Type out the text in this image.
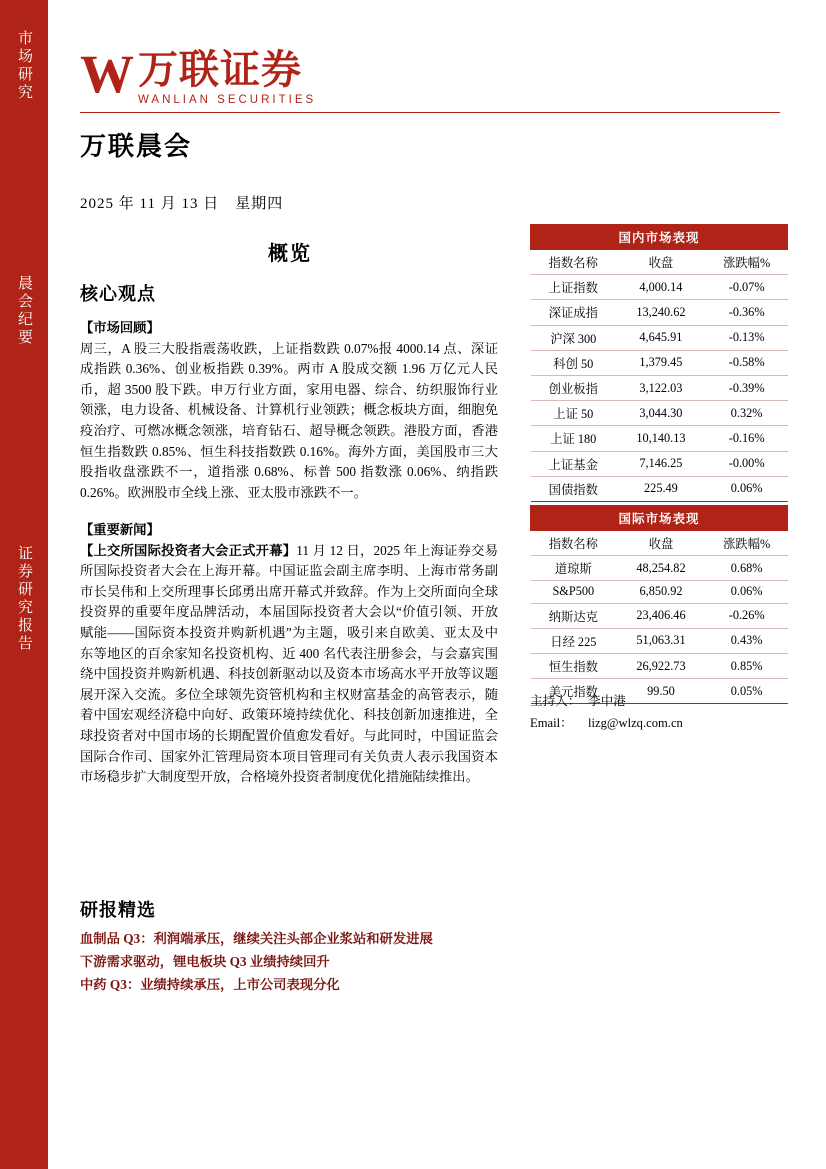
市场研究
晨会纪要
证券研究报告
W 万联证券
WANLIAN SECURITIES
万联晨会
2025 年 11 月 13 日　星期四
概览
核心观点
【市场回顾】
周三，A 股三大股指震荡收跌，上证指数跌 0.07%报 4000.14 点、深证成指跌 0.36%、创业板指跌 0.39%。两市 A 股成交额 1.96 万亿元人民币，超 3500 股下跌。申万行业方面，家用电器、综合、纺织服饰行业领涨，电力设备、机械设备、计算机行业领跌；概念板块方面，细胞免疫治疗、可燃冰概念领涨，培育钻石、超导概念领跌。港股方面，香港恒生指数跌 0.85%、恒生科技指数跌 0.16%。海外方面，美国股市三大股指收盘涨跌不一，道指涨 0.68%、标普 500 指数涨 0.06%、纳指跌 0.26%。欧洲股市全线上涨、亚太股市涨跌不一。
【重要新闻】
【上交所国际投资者大会正式开幕】11 月 12 日，2025 年上海证券交易所国际投资者大会在上海开幕。中国证监会副主席李明、上海市常务副市长吴伟和上交所理事长邱勇出席开幕式并致辞。作为上交所面向全球投资界的重要年度品牌活动，本届国际投资者大会以“价值引领、开放赋能——国际资本投资并购新机遇”为主题，吸引来自欧美、亚太及中东等地区的百余家知名投资机构、近 400 名代表注册参会，与会嘉宾围绕中国投资并购新机遇、科技创新驱动以及资本市场高水平开放等议题展开深入交流。多位全球领先资管机构和主权财富基金的高管表示，随着中国宏观经济稳中向好、政策环境持续优化、科技创新加速推进，全球投资者对中国市场的长期配置价值愈发看好。与此同时，中国证监会国际合作司、国家外汇管理局资本项目管理司有关负责人表示我国资本市场稳步扩大制度型开放，合格境外投资者制度优化措施陆续推出。
研报精选
血制品 Q3：利润端承压，继续关注头部企业浆站和研发进展
下游需求驱动，锂电板块 Q3 业绩持续回升
中药 Q3：业绩持续承压，上市公司表现分化
国内市场表现		
指数名称	收盘	涨跌幅%
上证指数	4,000.14	-0.07%
深证成指	13,240.62	-0.36%
沪深 300	4,645.91	-0.13%
科创 50	1,379.45	-0.58%
创业板指	3,122.03	-0.39%
上证 50	3,044.30	0.32%
上证 180	10,140.13	-0.16%
上证基金	7,146.25	-0.00%
国债指数	225.49	0.06%
国际市场表现		
指数名称	收盘	涨跌幅%
道琼斯	48,254.82	0.68%
S&P500	6,850.92	0.06%
纳斯达克	23,406.46	-0.26%
日经 225	51,063.31	0.43%
恒生指数	26,922.73	0.85%
美元指数	99.50	0.05%
主持人： 李中港
Email：	lizg@wlzq.com.cn
